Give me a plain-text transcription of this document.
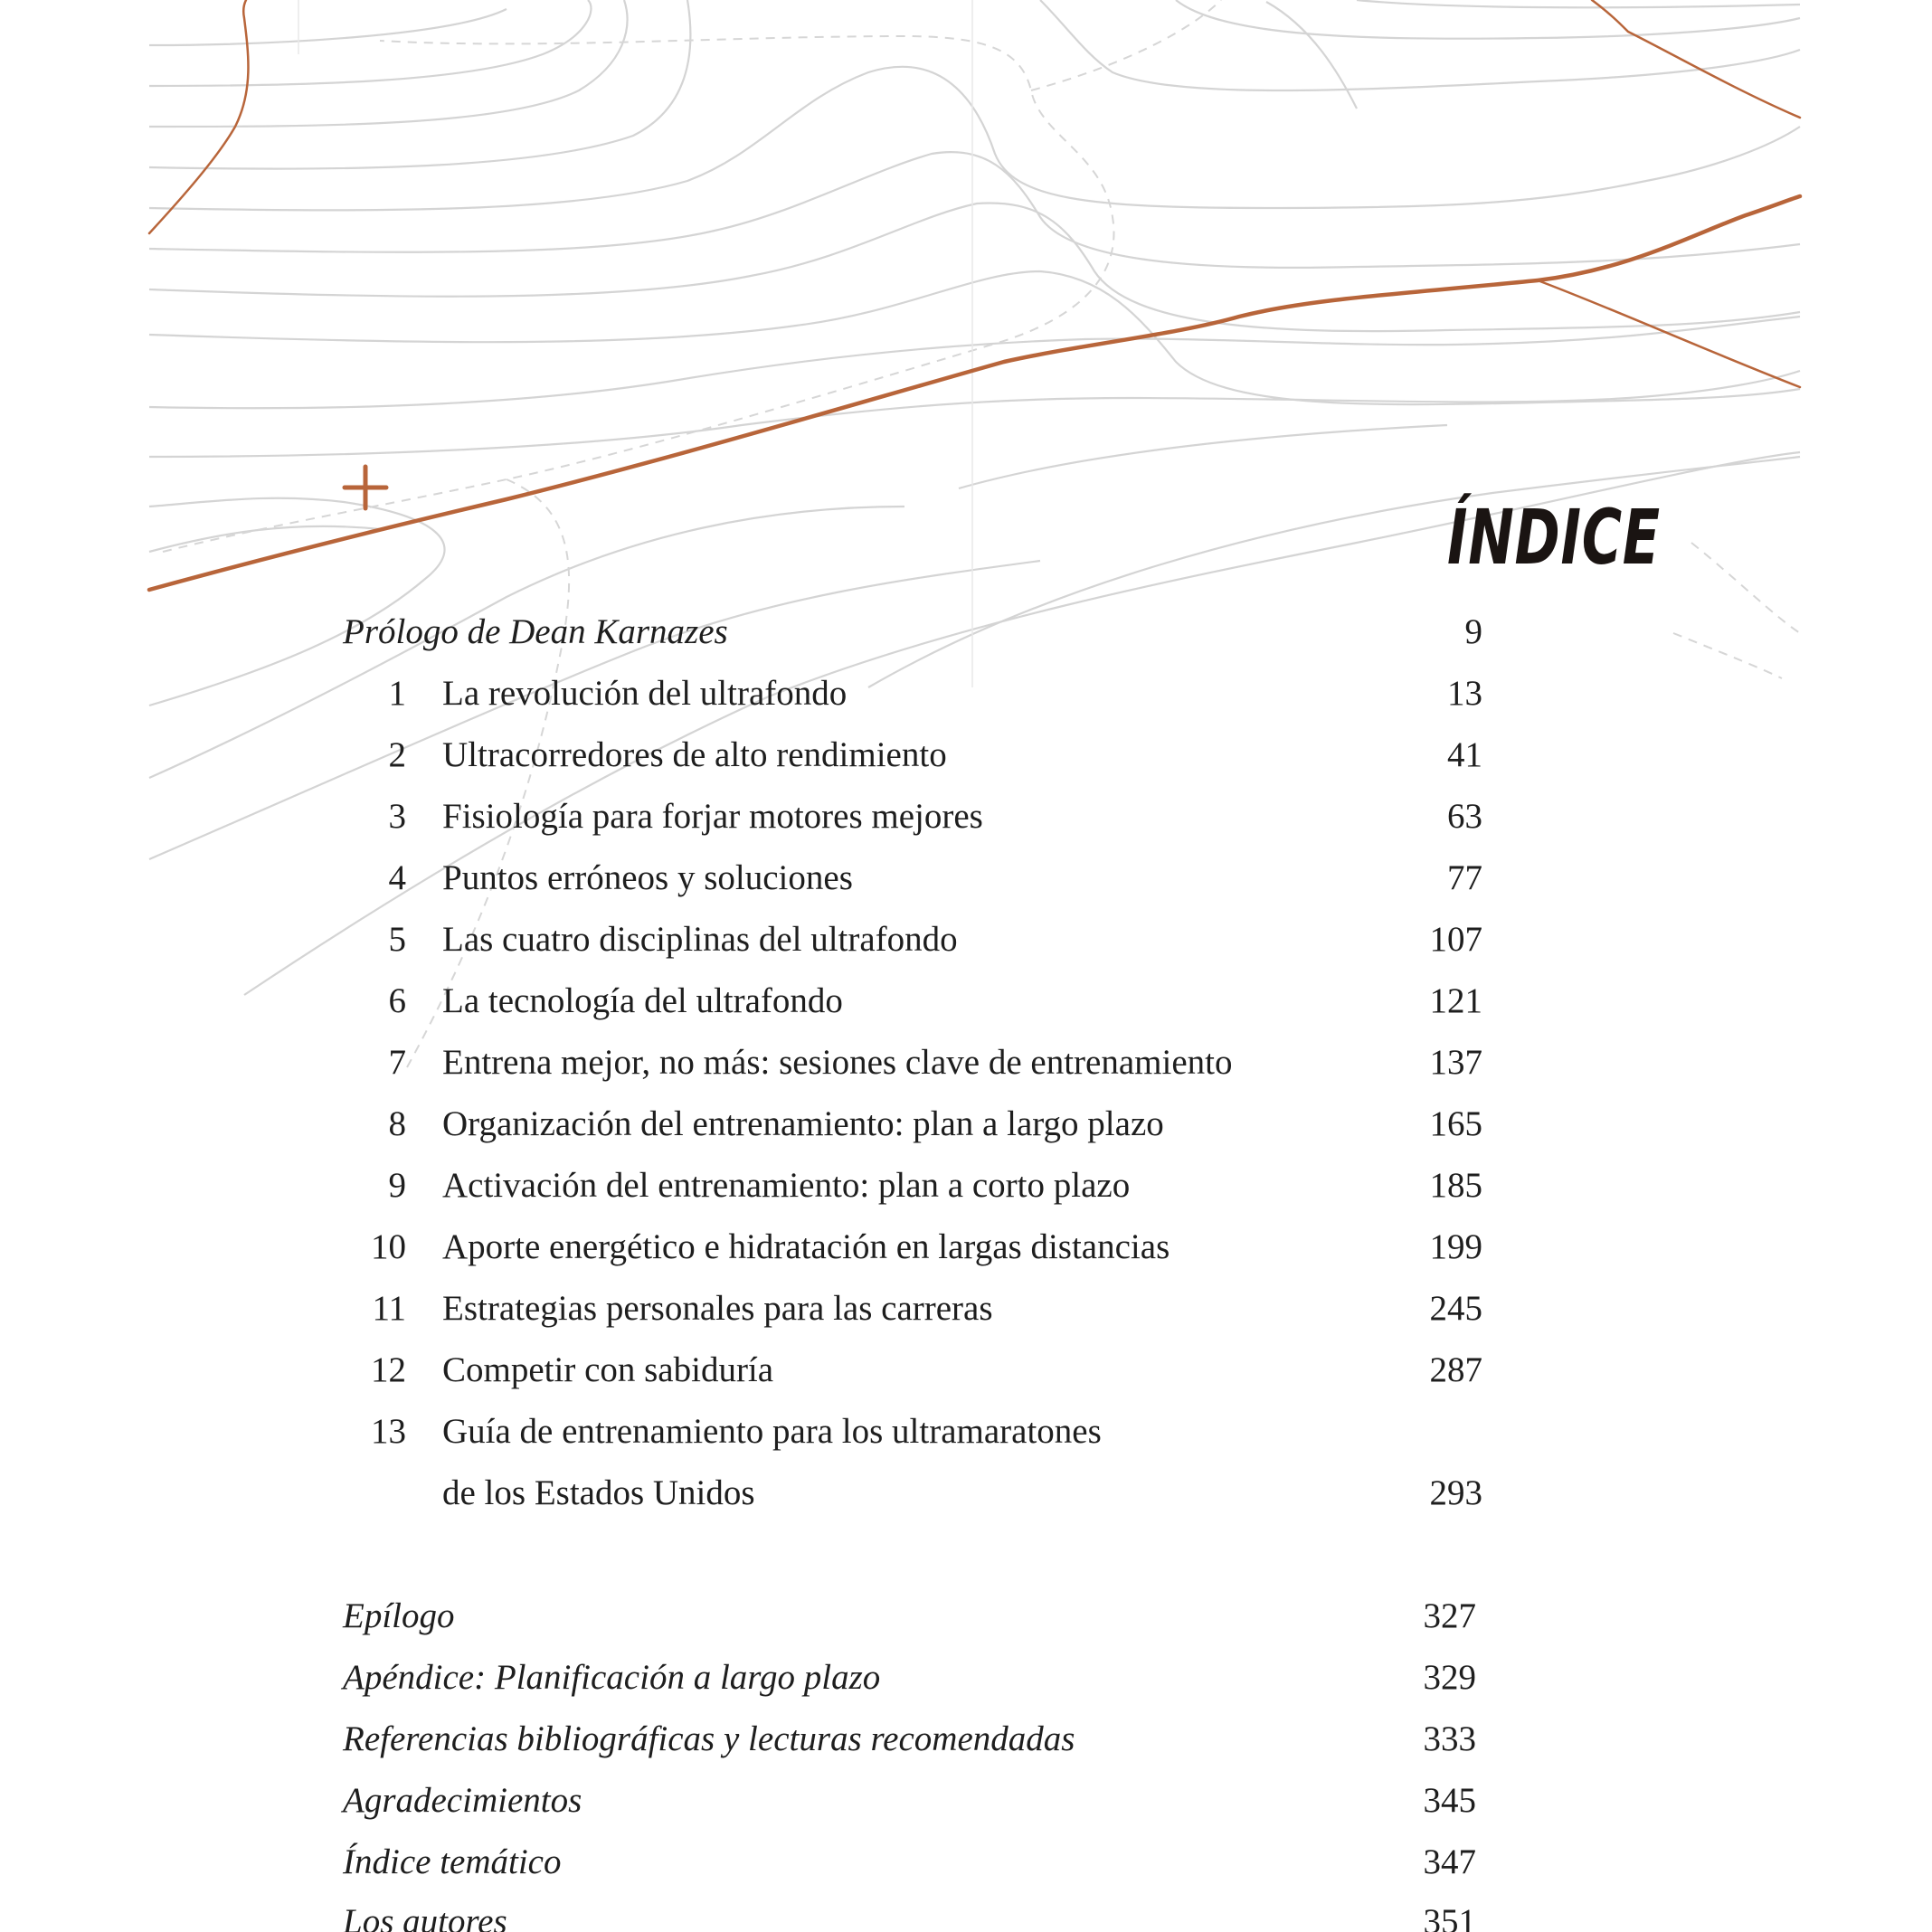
ÍNDICE
Prólogo de Dean Karnazes	9
1 La revolución del ultrafondo	13
2 Ultracorredores de alto rendimiento	41
3 Fisiología para forjar motores mejores	63
4 Puntos erróneos y soluciones	77
5 Las cuatro disciplinas del ultrafondo	107
6 La tecnología del ultrafondo	121
7 Entrena mejor, no más: sesiones clave de entrenamiento	137
8 Organización del entrenamiento: plan a largo plazo	165
9 Activación del entrenamiento: plan a corto plazo	185
10 Aporte energético e hidratación en largas distancias	199
11 Estrategias personales para las carreras	245
12 Competir con sabiduría	287
13 Guía de entrenamiento para los ultramaratones
de los Estados Unidos	293
Epílogo	327
Apéndice: Planificación a largo plazo	329
Referencias bibliográficas y lecturas recomendadas	333
Agradecimientos	345
Índice temático	347
Los autores	351
